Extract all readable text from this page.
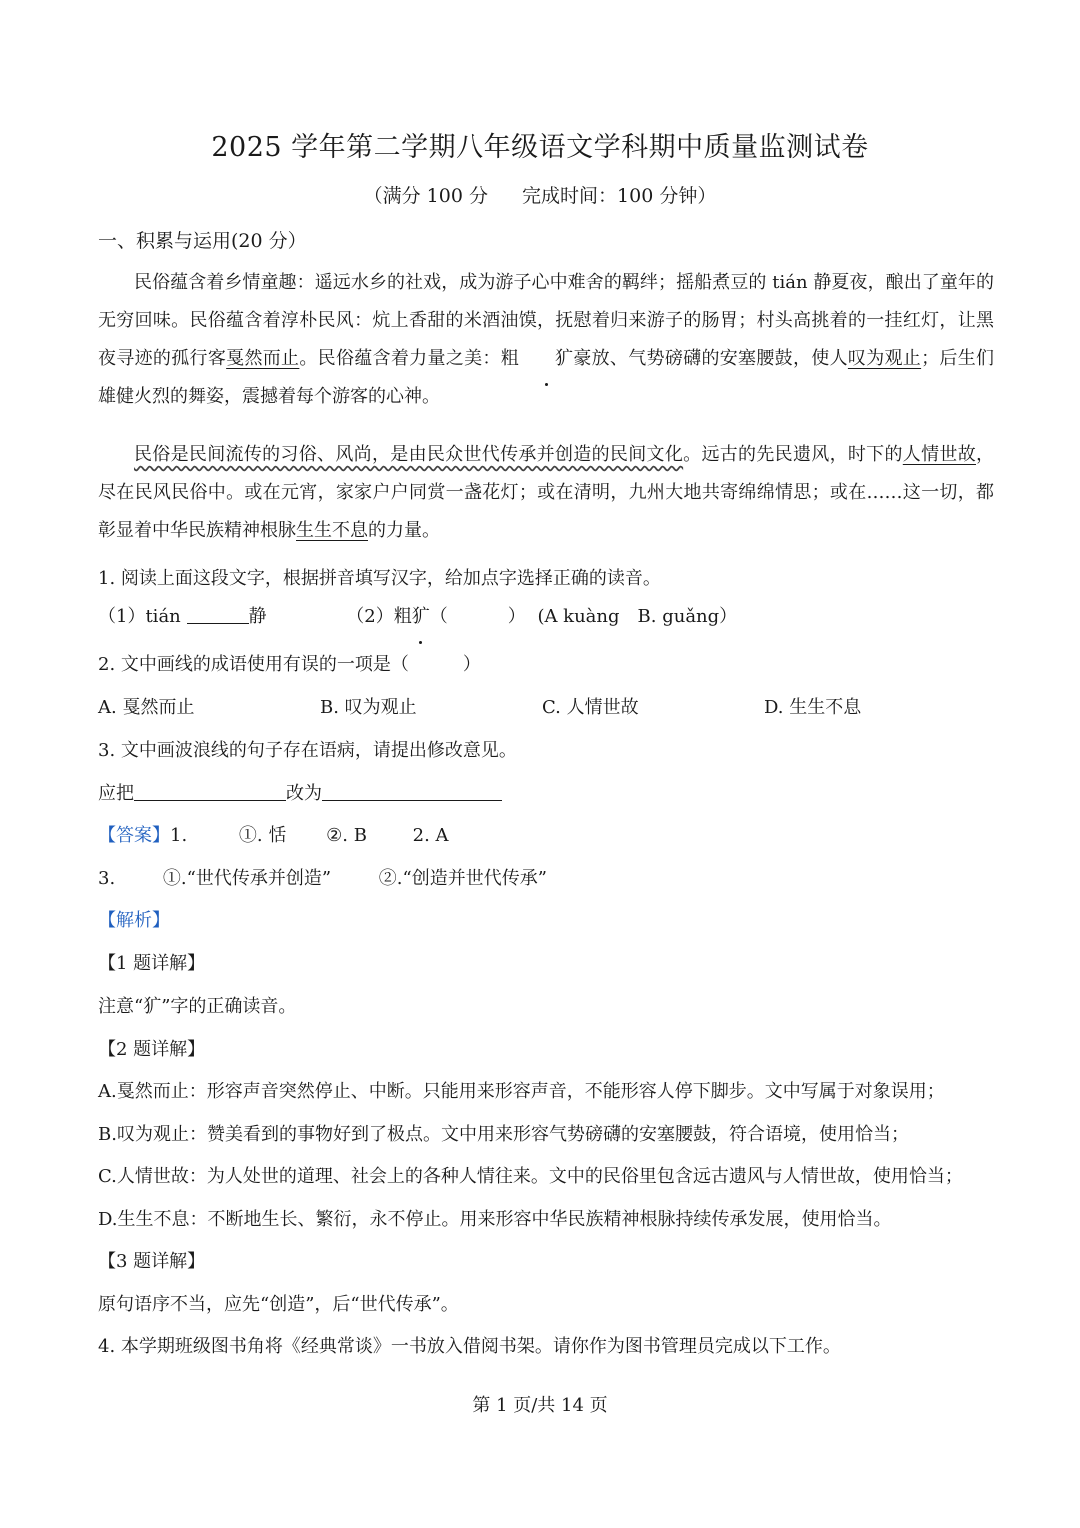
2025 学年第二学期八年级语文学科期中质量监测试卷
（满分 100 分 完成时间：100 分钟）
一、积累与运用(20 分）
民俗蕴含着乡情童趣：遥远水乡的社戏，成为游子心中难舍的羁绊；摇船煮豆的 tián 静夏夜，酿出了童年的无穷回味。民俗蕴含着淳朴民风：炕上香甜的米酒油馍，抚慰着归来游子的肠胃；村头高挑着的一挂红灯，让黑夜寻迹的孤行客戛然而止。民俗蕴含着力量之美：粗 犷豪放、气势磅礴的安塞腰鼓，使人叹为观止；后生们雄健火烈的舞姿，震撼着每个游客的心神。
民俗是民间流传的习俗、风尚，是由民众世代传承并创造的民间文化。远古的先民遗风，时下的人情世故，尽在民风民俗中。或在元宵，家家户户同赏一盏花灯；或在清明，九州大地共寄绵绵情思；或在……这一切，都彰显着中华民族精神根脉生生不息的力量。
1. 阅读上面这段文字，根据拼音填写汉字，给加点字选择正确的读音。
（1）tián	静	（2）粗犷（	） (A kuàng　B. guǎng）
2. 文中画线的成语使用有误的一项是（　　　）
A. 戛然而止	B. 叹为观止	C. 人情世故	D. 生生不息
3. 文中画波浪线的句子存在语病，请提出修改意见。
应把	改为
【答案】1.	①. 恬 ②. B	2. A
3.	①.“世代传承并创造”	②.“创造并世代传承”
【解析】
【1 题详解】
注意“犷”字的正确读音。
【2 题详解】
A.戛然而止：形容声音突然停止、中断。只能用来形容声音，不能形容人停下脚步。文中写属于对象误用；
B.叹为观止：赞美看到的事物好到了极点。文中用来形容气势磅礴的安塞腰鼓，符合语境，使用恰当；
C.人情世故：为人处世的道理、社会上的各种人情往来。文中的民俗里包含远古遗风与人情世故，使用恰当；
D.生生不息：不断地生长、繁衍，永不停止。用来形容中华民族精神根脉持续传承发展，使用恰当。
【3 题详解】
原句语序不当，应先“创造”，后“世代传承”。
4. 本学期班级图书角将《经典常谈》一书放入借阅书架。请你作为图书管理员完成以下工作。
第 1 页/共 14 页
